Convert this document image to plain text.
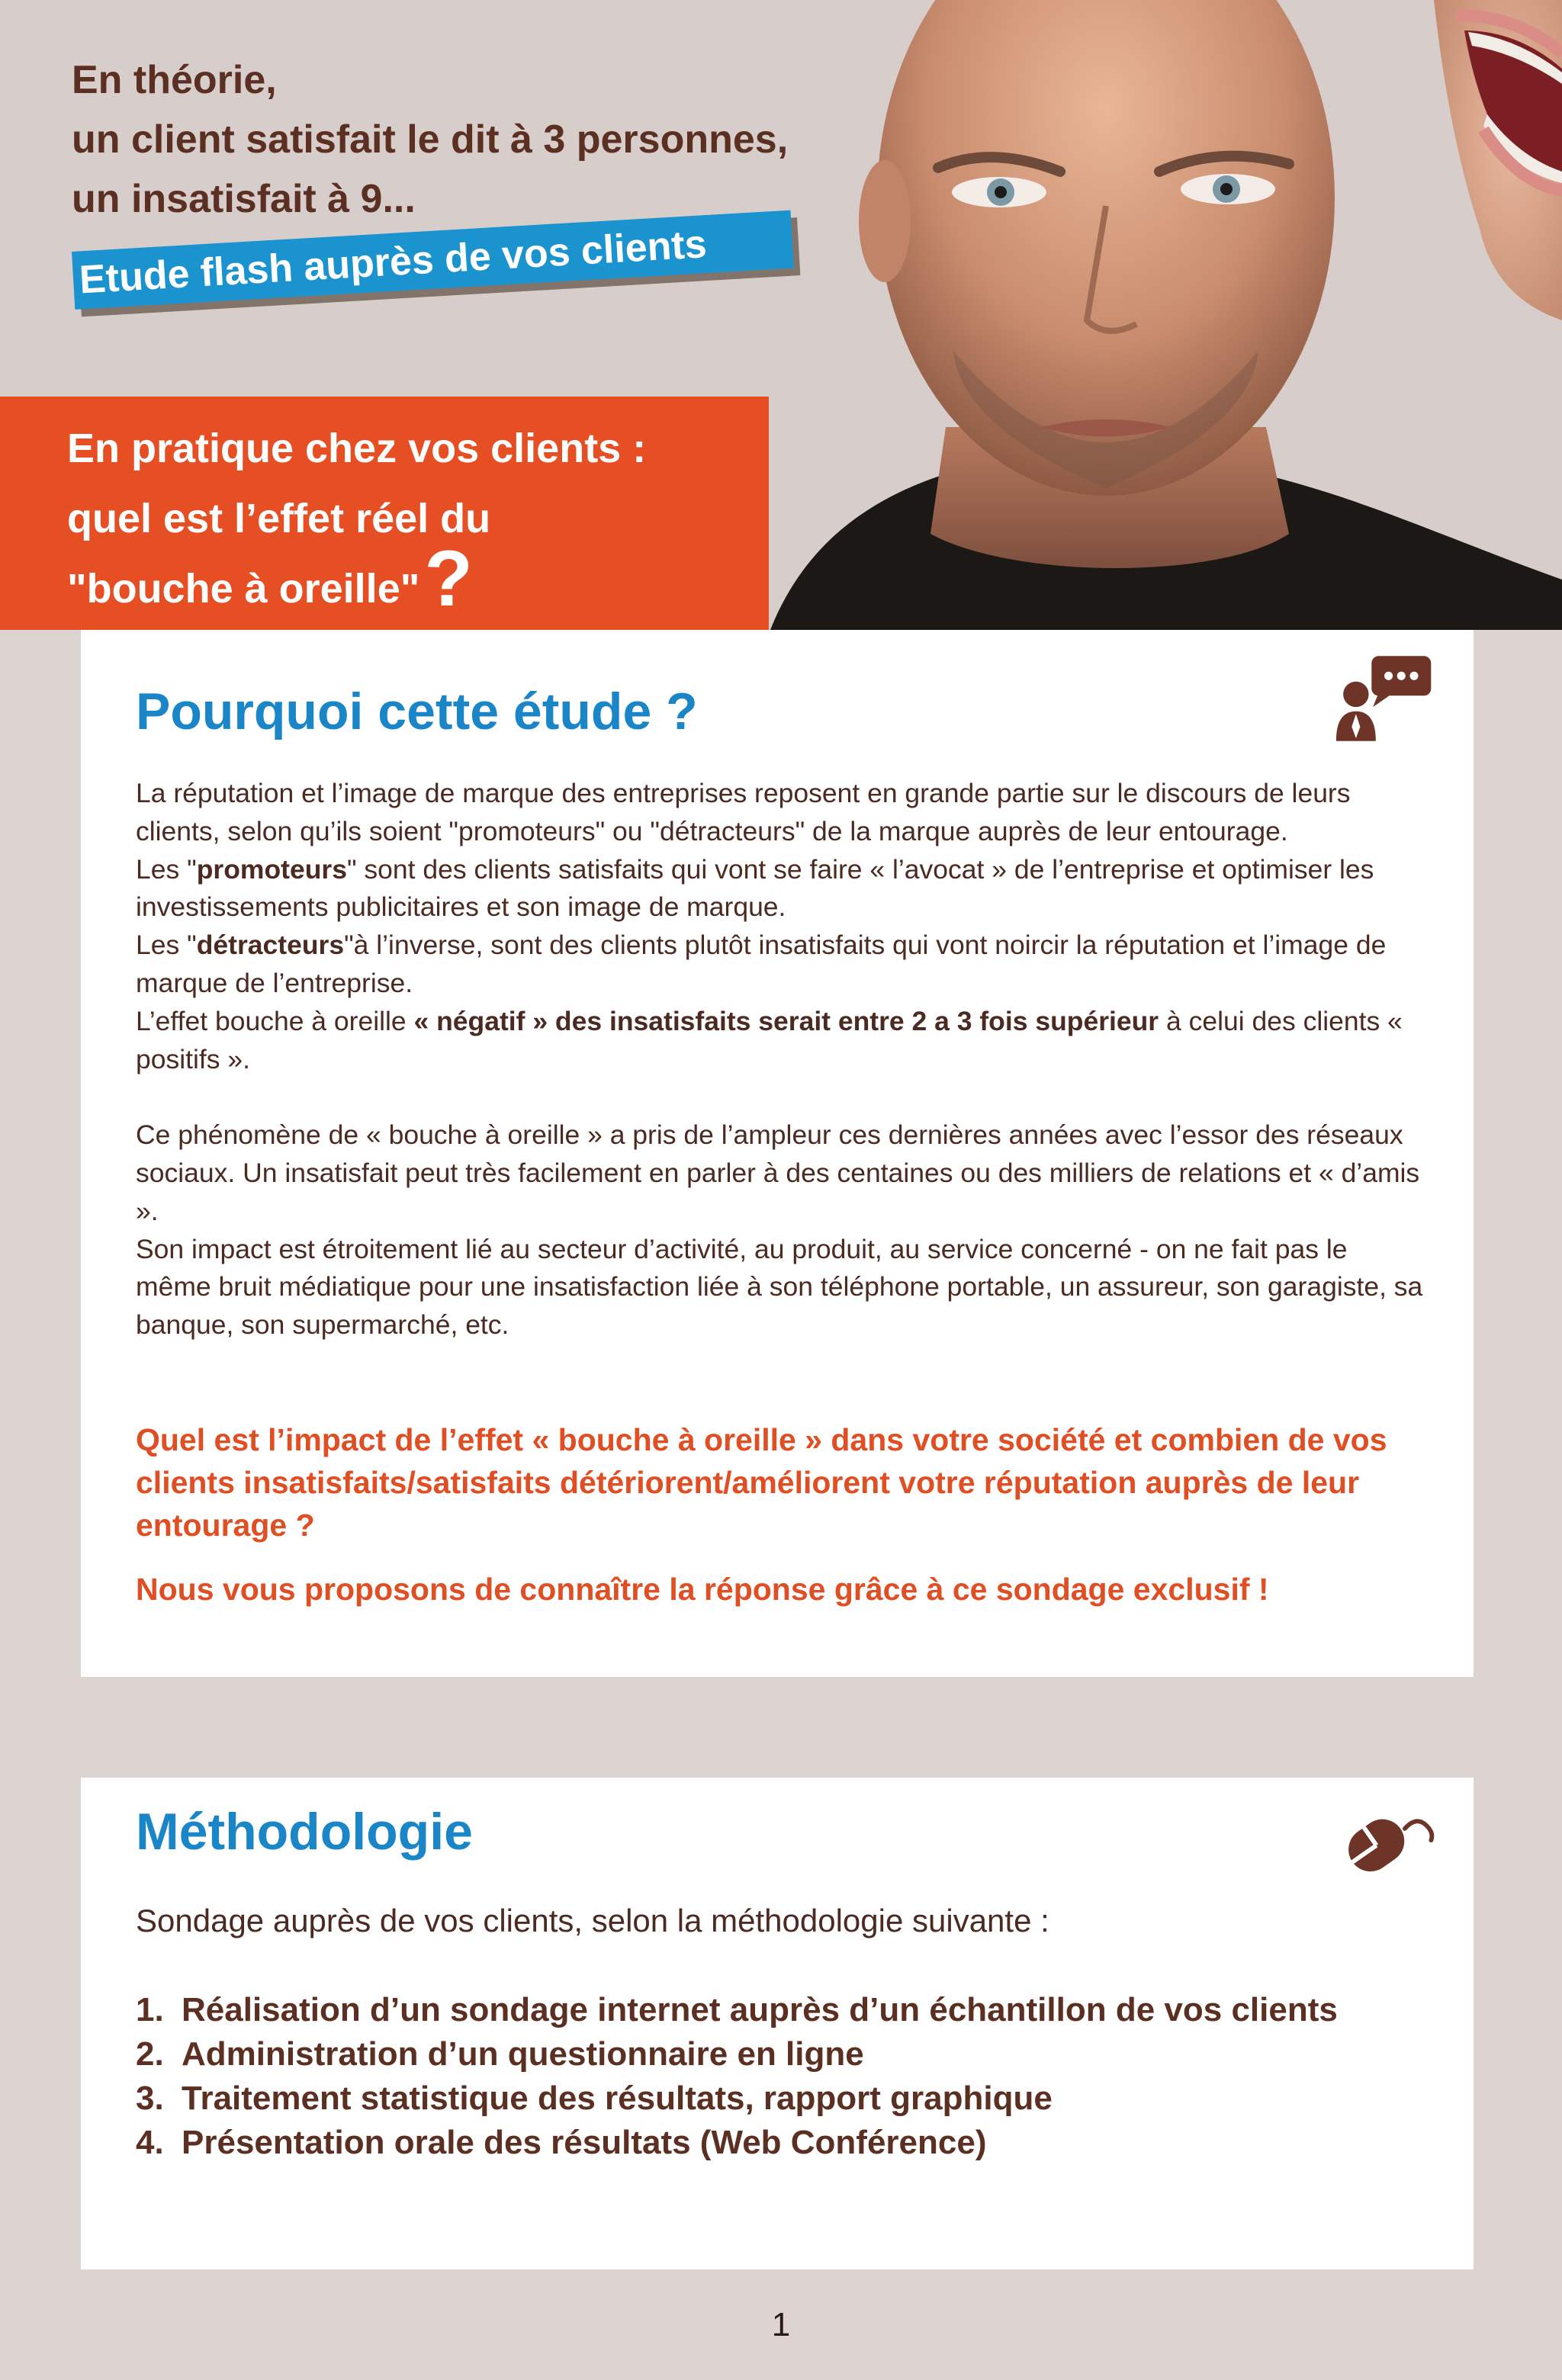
En théorie,
un client satisfait le dit à 3 personnes,
un insatisfait à 9...
Etude flash auprès de vos clients
En pratique chez vos clients :
quel est l’effet réel du
"bouche à oreille"?
Pourquoi cette étude ?

La réputation et l’image de marque des entreprises reposent en grande partie sur le discours de leurs clients, selon qu’ils soient "promoteurs" ou "détracteurs" de la marque auprès de leur entourage.

Les "promoteurs" sont des clients satisfaits qui vont se faire « l’avocat » de l’entreprise et optimiser les investissements publicitaires et son image de marque.

Les "détracteurs"à l’inverse, sont des clients plutôt insatisfaits qui vont noircir la réputation et l’image de marque de l’entreprise.

L’effet bouche à oreille « négatif » des insatisfaits serait entre 2 a 3 fois supérieur à celui des clients « positifs ».

Ce phénomène de « bouche à oreille » a pris de l’ampleur ces dernières années avec l’essor des réseaux sociaux. Un insatisfait peut très facilement en parler à des centaines ou des milliers de relations et « d’amis ».

Son impact est étroitement lié au secteur d’activité, au produit, au service concerné - on ne fait pas le même bruit médiatique pour une insatisfaction liée à son téléphone portable, un assureur, son garagiste, sa banque, son supermarché, etc.

Quel est l’impact de l’effet « bouche à oreille » dans votre société et combien de vos clients insatisfaits/satisfaits détériorent/améliorent votre réputation auprès de leur entourage ?
Nous vous proposons de connaître la réponse grâce à ce sondage exclusif !
Méthodologie
Sondage auprès de vos clients, selon la méthodologie suivante :
1. Réalisation d’un sondage internet auprès d’un échantillon de vos clients
2. Administration d’un questionnaire en ligne
3. Traitement statistique des résultats, rapport graphique
4. Présentation orale des résultats (Web Conférence)
1
